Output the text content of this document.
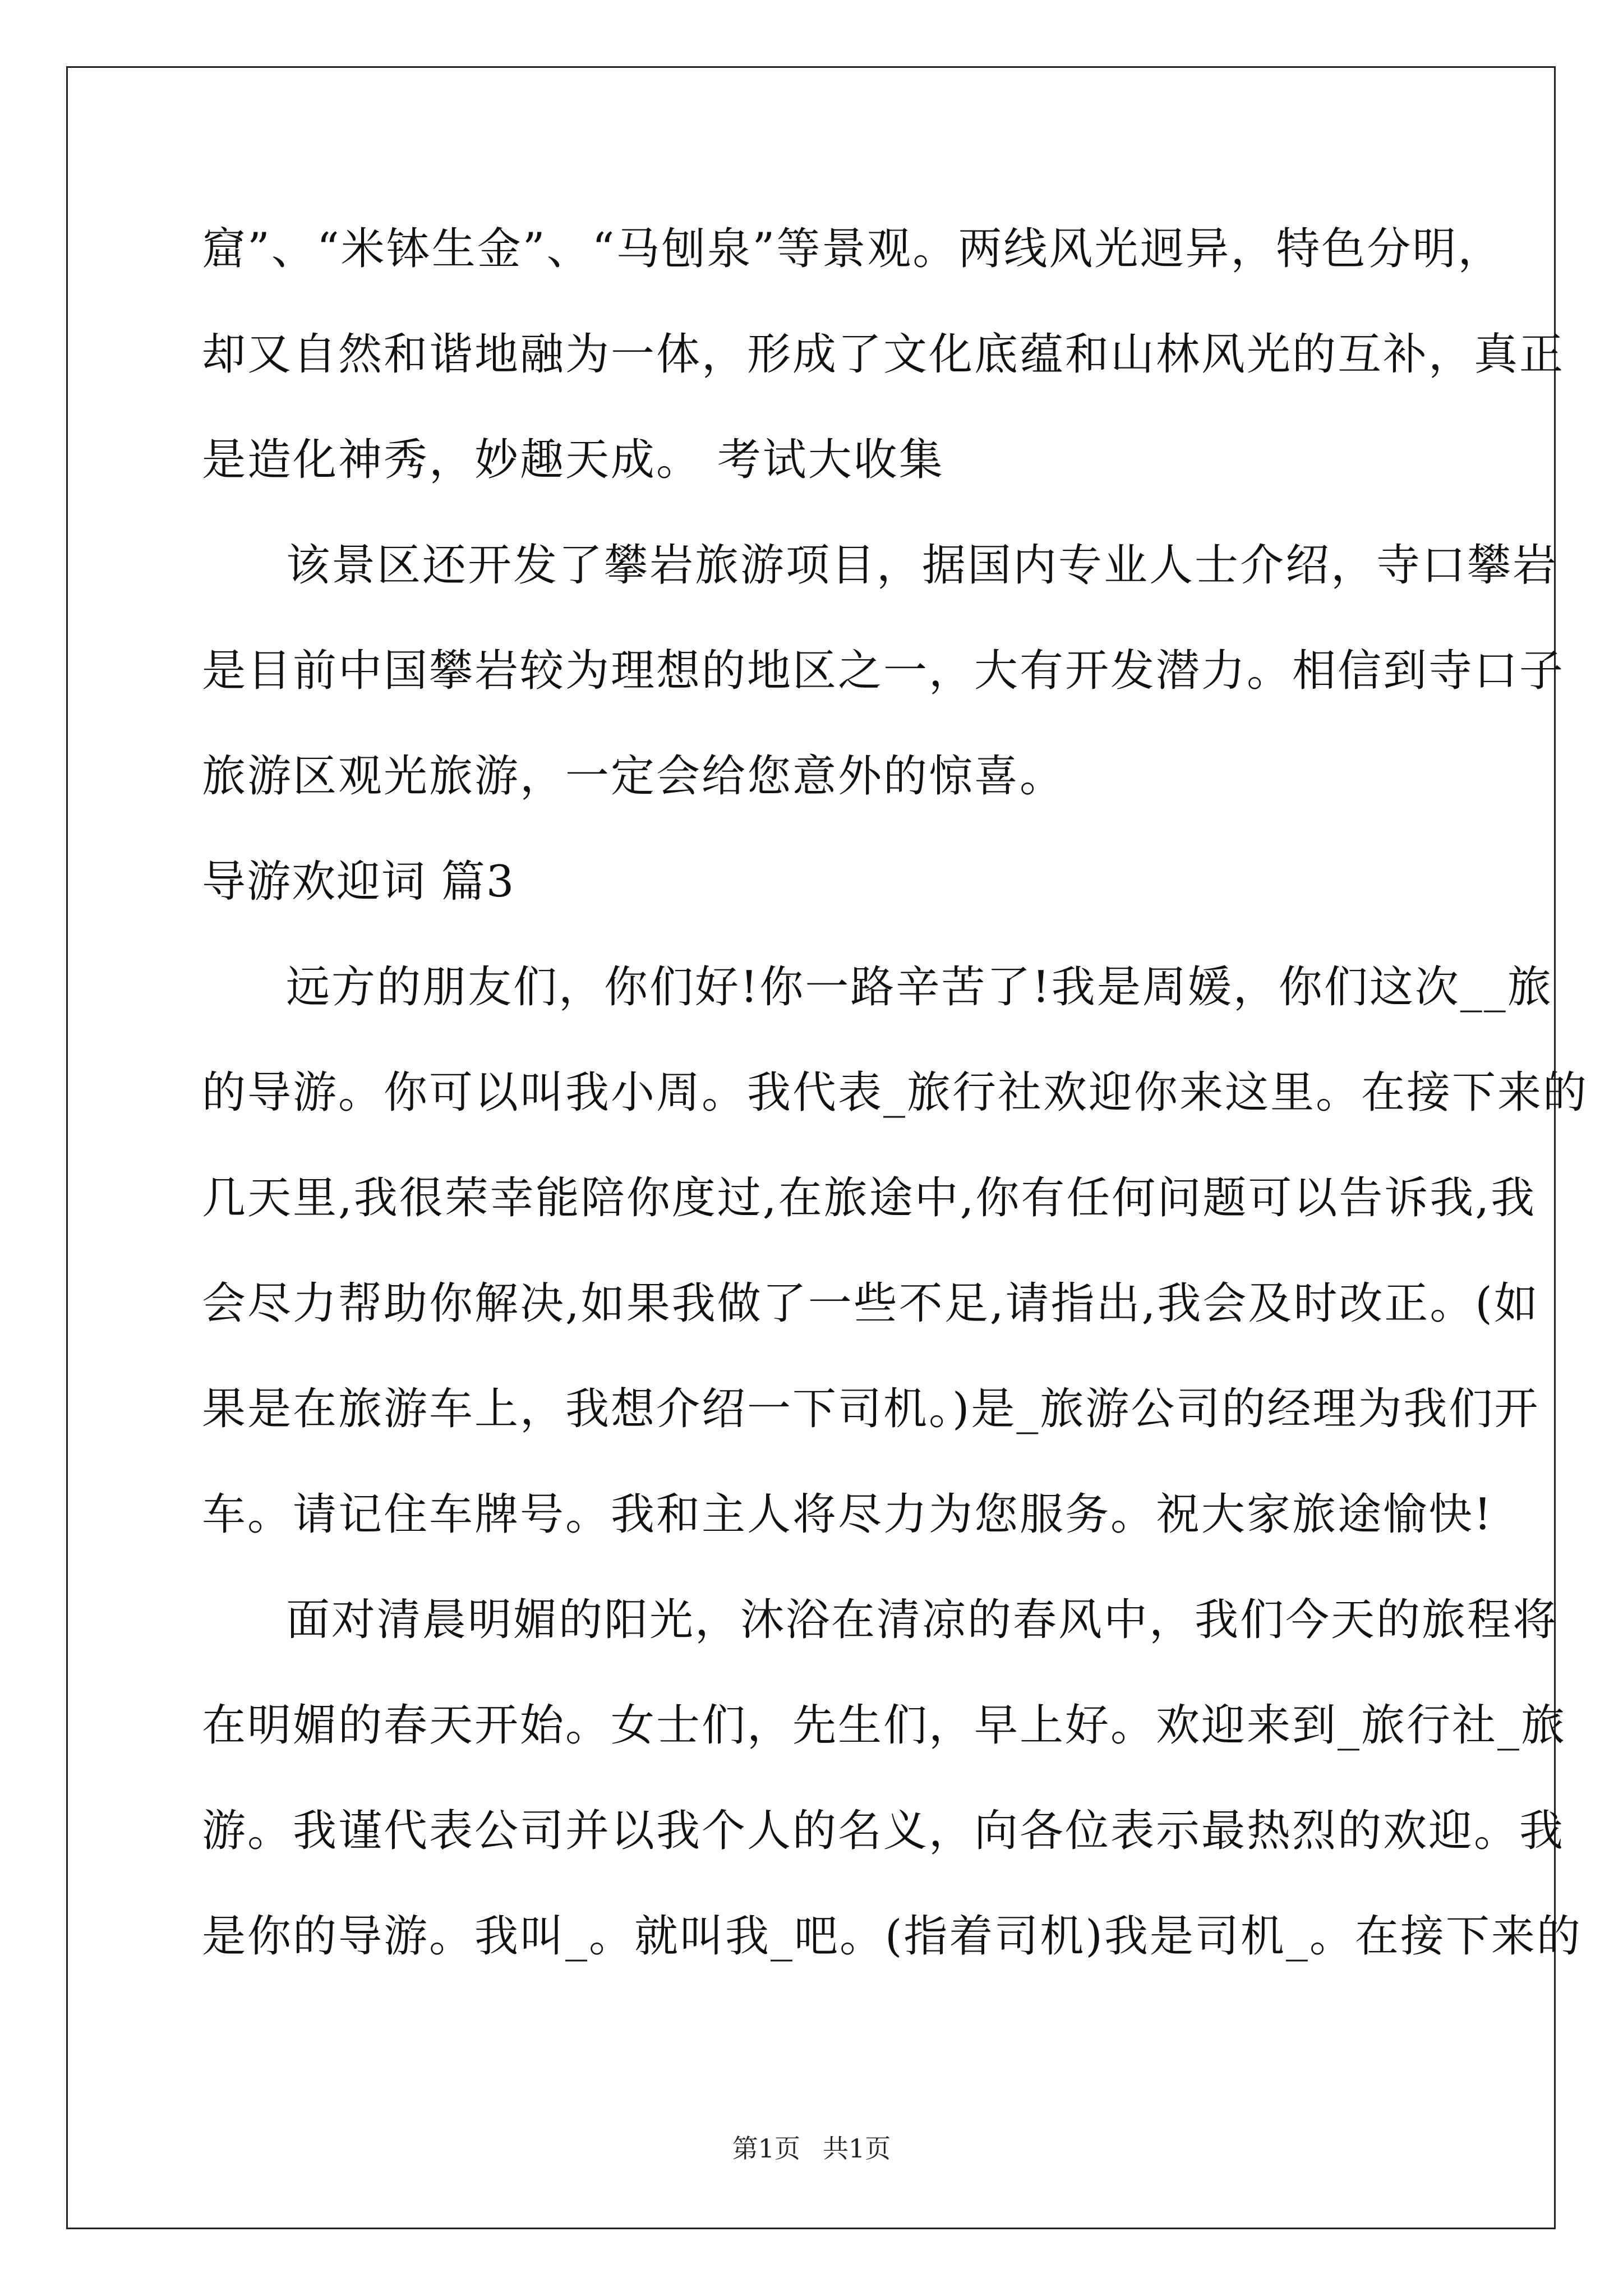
窟”、“米钵生金”、“马刨泉”等景观。两线风光迥异，特色分明，
却又自然和谐地融为一体，形成了文化底蕴和山林风光的互补，真正
是造化神秀，妙趣天成。 考试大收集
该景区还开发了攀岩旅游项目，据国内专业人士介绍，寺口攀岩
是目前中国攀岩较为理想的地区之一，大有开发潜力。相信到寺口子
旅游区观光旅游，一定会给您意外的惊喜。
导游欢迎词 篇3
远方的朋友们，你们好!你一路辛苦了!我是周媛，你们这次__旅
的导游。你可以叫我小周。我代表_旅行社欢迎你来这里。在接下来的
几天里,我很荣幸能陪你度过,在旅途中,你有任何问题可以告诉我,我
会尽力帮助你解决,如果我做了一些不足,请指出,我会及时改正。(如
果是在旅游车上，我想介绍一下司机。)是_旅游公司的经理为我们开
车。请记住车牌号。我和主人将尽力为您服务。祝大家旅途愉快!
面对清晨明媚的阳光，沐浴在清凉的春风中，我们今天的旅程将
在明媚的春天开始。女士们，先生们，早上好。欢迎来到_旅行社_旅
游。我谨代表公司并以我个人的名义，向各位表示最热烈的欢迎。我
是你的导游。我叫_。就叫我_吧。(指着司机)我是司机_。在接下来的
第1页 共1页
